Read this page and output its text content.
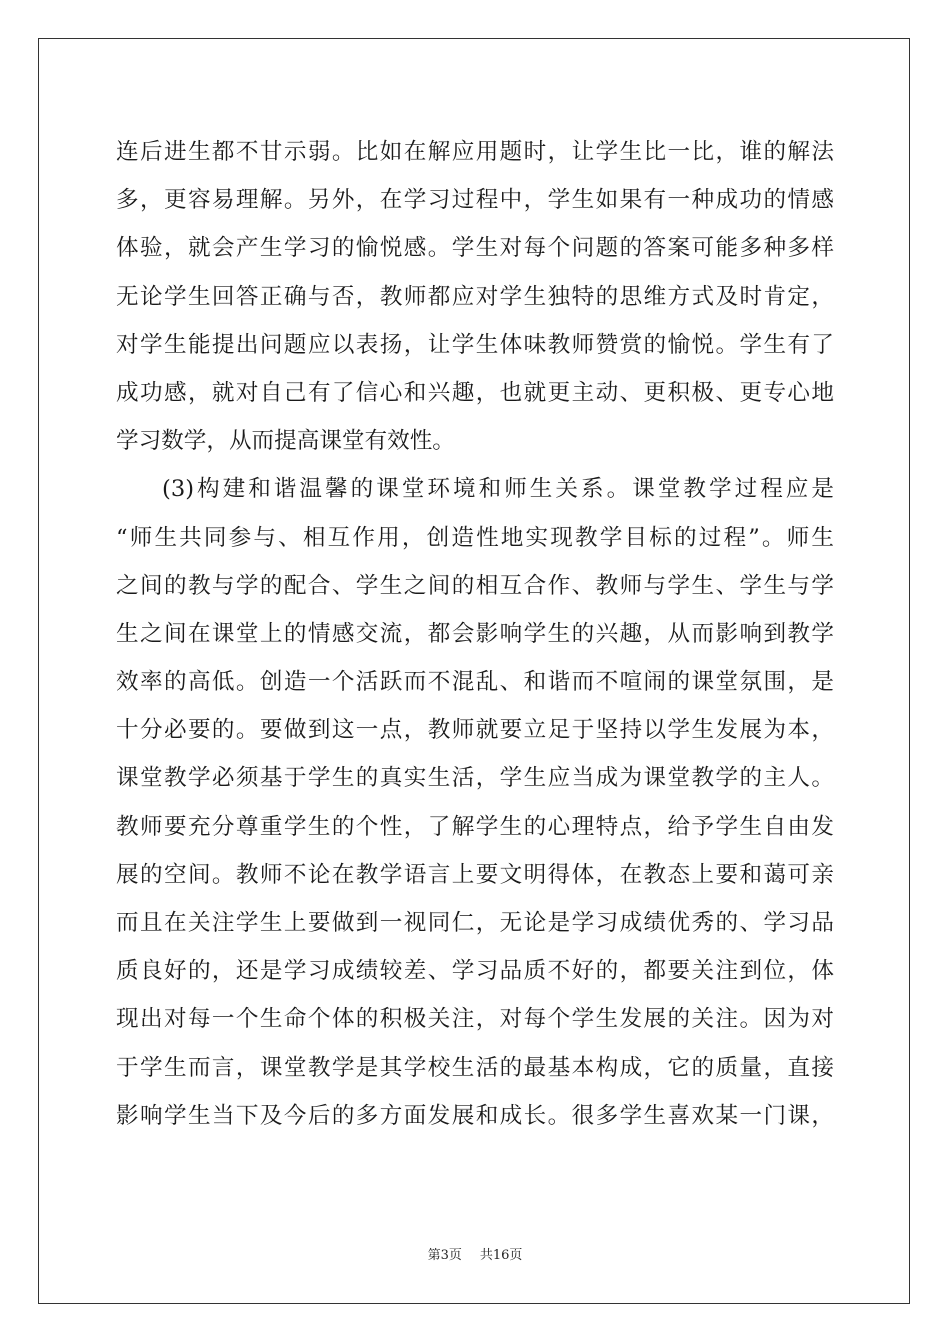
连后进生都不甘示弱。比如在解应用题时，让学生比一比，谁的解法
多，更容易理解。另外，在学习过程中，学生如果有一种成功的情感
体验，就会产生学习的愉悦感。学生对每个问题的答案可能多种多样
无论学生回答正确与否，教师都应对学生独特的思维方式及时肯定，
对学生能提出问题应以表扬，让学生体味教师赞赏的愉悦。学生有了
成功感，就对自己有了信心和兴趣，也就更主动、更积极、更专心地
学习数学，从而提高课堂有效性。
(3)构建和谐温馨的课堂环境和师生关系。课堂教学过程应是
“师生共同参与、相互作用，创造性地实现教学目标的过程”。师生
之间的教与学的配合、学生之间的相互合作、教师与学生、学生与学
生之间在课堂上的情感交流，都会影响学生的兴趣，从而影响到教学
效率的高低。创造一个活跃而不混乱、和谐而不喧闹的课堂氛围，是
十分必要的。要做到这一点，教师就要立足于坚持以学生发展为本，
课堂教学必须基于学生的真实生活，学生应当成为课堂教学的主人。
教师要充分尊重学生的个性，了解学生的心理特点，给予学生自由发
展的空间。教师不论在教学语言上要文明得体，在教态上要和蔼可亲
而且在关注学生上要做到一视同仁，无论是学习成绩优秀的、学习品
质良好的，还是学习成绩较差、学习品质不好的，都要关注到位，体
现出对每一个生命个体的积极关注，对每个学生发展的关注。因为对
于学生而言，课堂教学是其学校生活的最基本构成，它的质量，直接
影响学生当下及今后的多方面发展和成长。很多学生喜欢某一门课，
第3页 共16页
